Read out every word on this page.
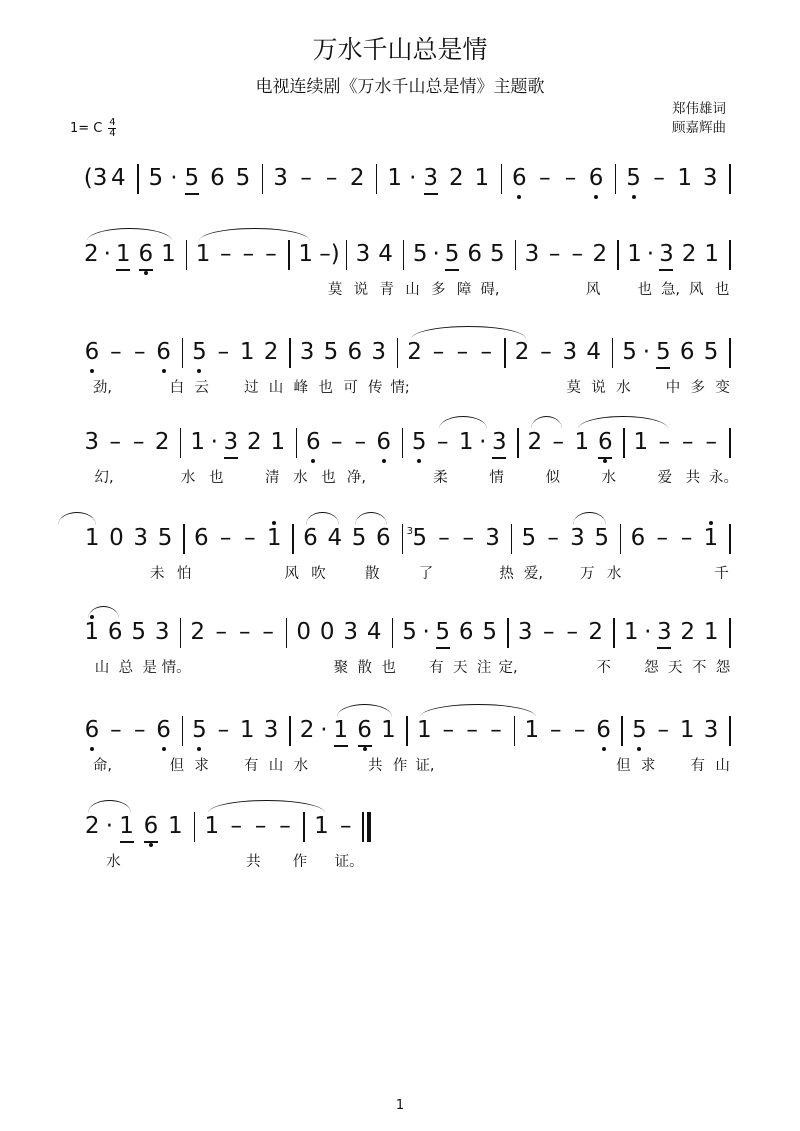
万水千山总是情
电视连续剧《万水千山总是情》主题歌
郑伟雄词
顾嘉辉曲
1= C $\frac{4}{4}$
(3 4 5 · 5 6 5 3 – – 2 1 · 3 2 1 6 – – 6 5 – 1 3
2 · 1 6 1 1 – – – 1 –) 3 4 5 · 5 6 5 3 – – 2 1 · 3 2 1
莫 说 青 山 多 障 碍,	风	也 急, 风 也
6 – – 6 5 – 1 2 3 5 6 3 2 – – – 2 – 3 4 5 · 5 6 5
劲,	白 云	过 山 峰 也 可 传 情;	莫 说 水	中 多 变
3 – – 2 1 · 3 2 1 6 – – 6 5 – 1 · 3 2 – 1 6 1 – – –
幻,	水 也	清 水 也 净,	柔	情	似	水	爱 共 永。
1 0 3 5 6 – – 1 6 4 5 6 5
3 – – 3 5 – 3 5 6 – – 1
未 怕	风 吹	散	了	热 爱,	万 水	千
1 6 5 3 2 – – – 0 0 3 4 5 · 5 6 5 3 – – 2 1 · 3 2 1
山 总 是 情。	聚 散 也	有 天 注 定,	不	怨 天 不 怨
6 – – 6 5 – 1 3 2 · 1 6 1 1 – – – 1 – – 6 5 – 1 3
命,	但 求	有 山 水	共 作 证,	但 求	有 山
2 · 1 6 1 1 – – – 1 –
水	共	作	证。
1
